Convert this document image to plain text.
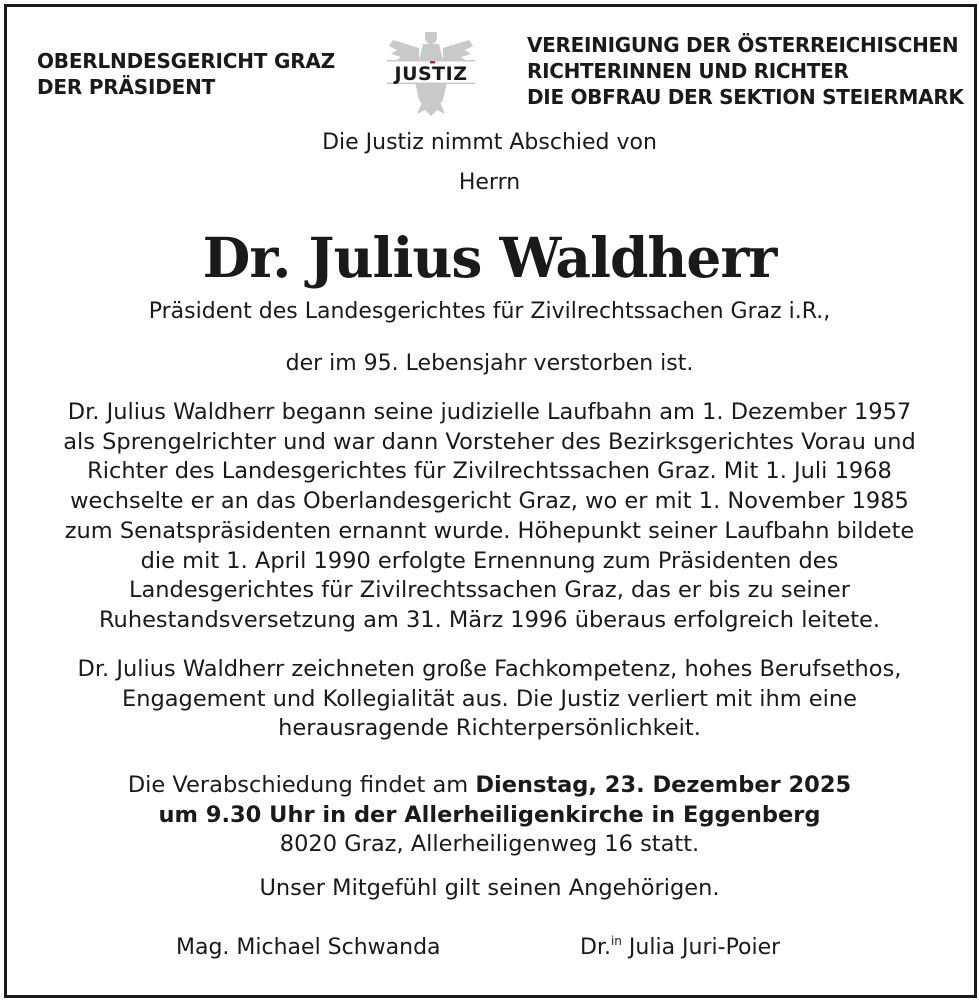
OBERLNDESGERICHT GRAZ
DER PRÄSIDENT
JUSTIZ
VEREINIGUNG DER ÖSTERREICHISCHEN
RICHTERINNEN UND RICHTER
DIE OBFRAU DER SEKTION STEIERMARK
Die Justiz nimmt Abschied von
Herrn
Dr. Julius Waldherr
Präsident des Landesgerichtes für Zivilrechtssachen Graz i.R.,
der im 95. Lebensjahr verstorben ist.
Dr. Julius Waldherr begann seine judizielle Laufbahn am 1. Dezember 1957
als Sprengelrichter und war dann Vorsteher des Bezirksgerichtes Vorau und
Richter des Landesgerichtes für Zivilrechtssachen Graz. Mit 1. Juli 1968
wechselte er an das Oberlandesgericht Graz, wo er mit 1. November 1985
zum Senatspräsidenten ernannt wurde. Höhepunkt seiner Laufbahn bildete
die mit 1. April 1990 erfolgte Ernennung zum Präsidenten des
Landesgerichtes für Zivilrechtssachen Graz, das er bis zu seiner
Ruhestandsversetzung am 31. März 1996 überaus erfolgreich leitete.
Dr. Julius Waldherr zeichneten große Fachkompetenz, hohes Berufsethos,
Engagement und Kollegialität aus. Die Justiz verliert mit ihm eine
herausragende Richterpersönlichkeit.
Die Verabschiedung findet am Dienstag, 23. Dezember 2025
um 9.30 Uhr in der Allerheiligenkirche in Eggenberg
8020 Graz, Allerheiligenweg 16 statt.
Unser Mitgefühl gilt seinen Angehörigen.
Mag. Michael Schwanda	Dr.$^{in}$ Julia Juri-Poier
